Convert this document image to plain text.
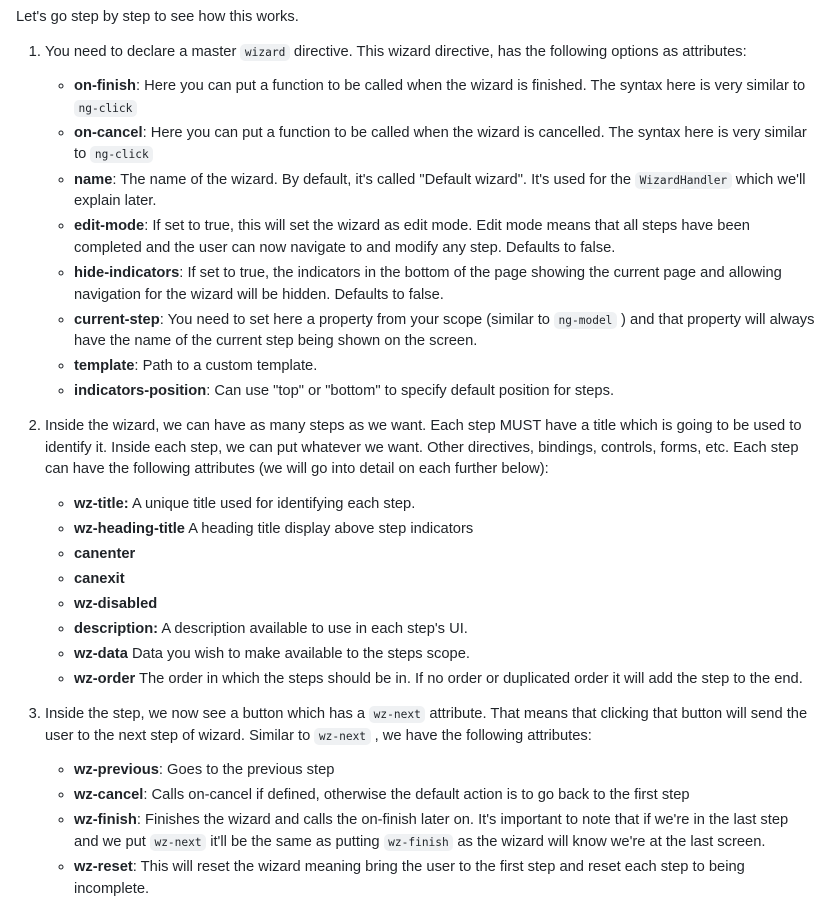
Let's go step by step to see how this works.

1. You need to declare a master wizard directive. This wizard directive, has the following options as attributes:

◦ on-finish: Here you can put a function to be called when the wizard is finished. The syntax here is very similar to ng-click
◦ on-cancel: Here you can put a function to be called when the wizard is cancelled. The syntax here is very similar to ng-click
◦ name: The name of the wizard. By default, it's called "Default wizard". It's used for the WizardHandler which we'll explain later.
◦ edit-mode: If set to true, this will set the wizard as edit mode. Edit mode means that all steps have been completed and the user can now navigate to and modify any step. Defaults to false.
◦ hide-indicators: If set to true, the indicators in the bottom of the page showing the current page and allowing navigation for the wizard will be hidden. Defaults to false.
◦ current-step: You need to set here a property from your scope (similar to ng-model ) and that property will always have the name of the current step being shown on the screen.
◦ template: Path to a custom template.
◦ indicators-position: Can use "top" or "bottom" to specify default position for steps.

2. Inside the wizard, we can have as many steps as we want. Each step MUST have a title which is going to be used to identify it. Inside each step, we can put whatever we want. Other directives, bindings, controls, forms, etc. Each step can have the following attributes (we will go into detail on each further below):

◦ wz-title: A unique title used for identifying each step.
◦ wz-heading-title A heading title display above step indicators
◦ canenter
◦ canexit
◦ wz-disabled
◦ description: A description available to use in each step's UI.
◦ wz-data Data you wish to make available to the steps scope.
◦ wz-order The order in which the steps should be in. If no order or duplicated order it will add the step to the end.

3. Inside the step, we now see a button which has a wz-next attribute. That means that clicking that button will send the user to the next step of wizard. Similar to wz-next , we have the following attributes:

◦ wz-previous: Goes to the previous step
◦ wz-cancel: Calls on-cancel if defined, otherwise the default action is to go back to the first step
◦ wz-finish: Finishes the wizard and calls the on-finish later on. It's important to note that if we're in the last step and we put wz-next it'll be the same as putting wz-finish as the wizard will know we're at the last screen.
◦ wz-reset: This will reset the wizard meaning bring the user to the first step and reset each step to being incomplete.
